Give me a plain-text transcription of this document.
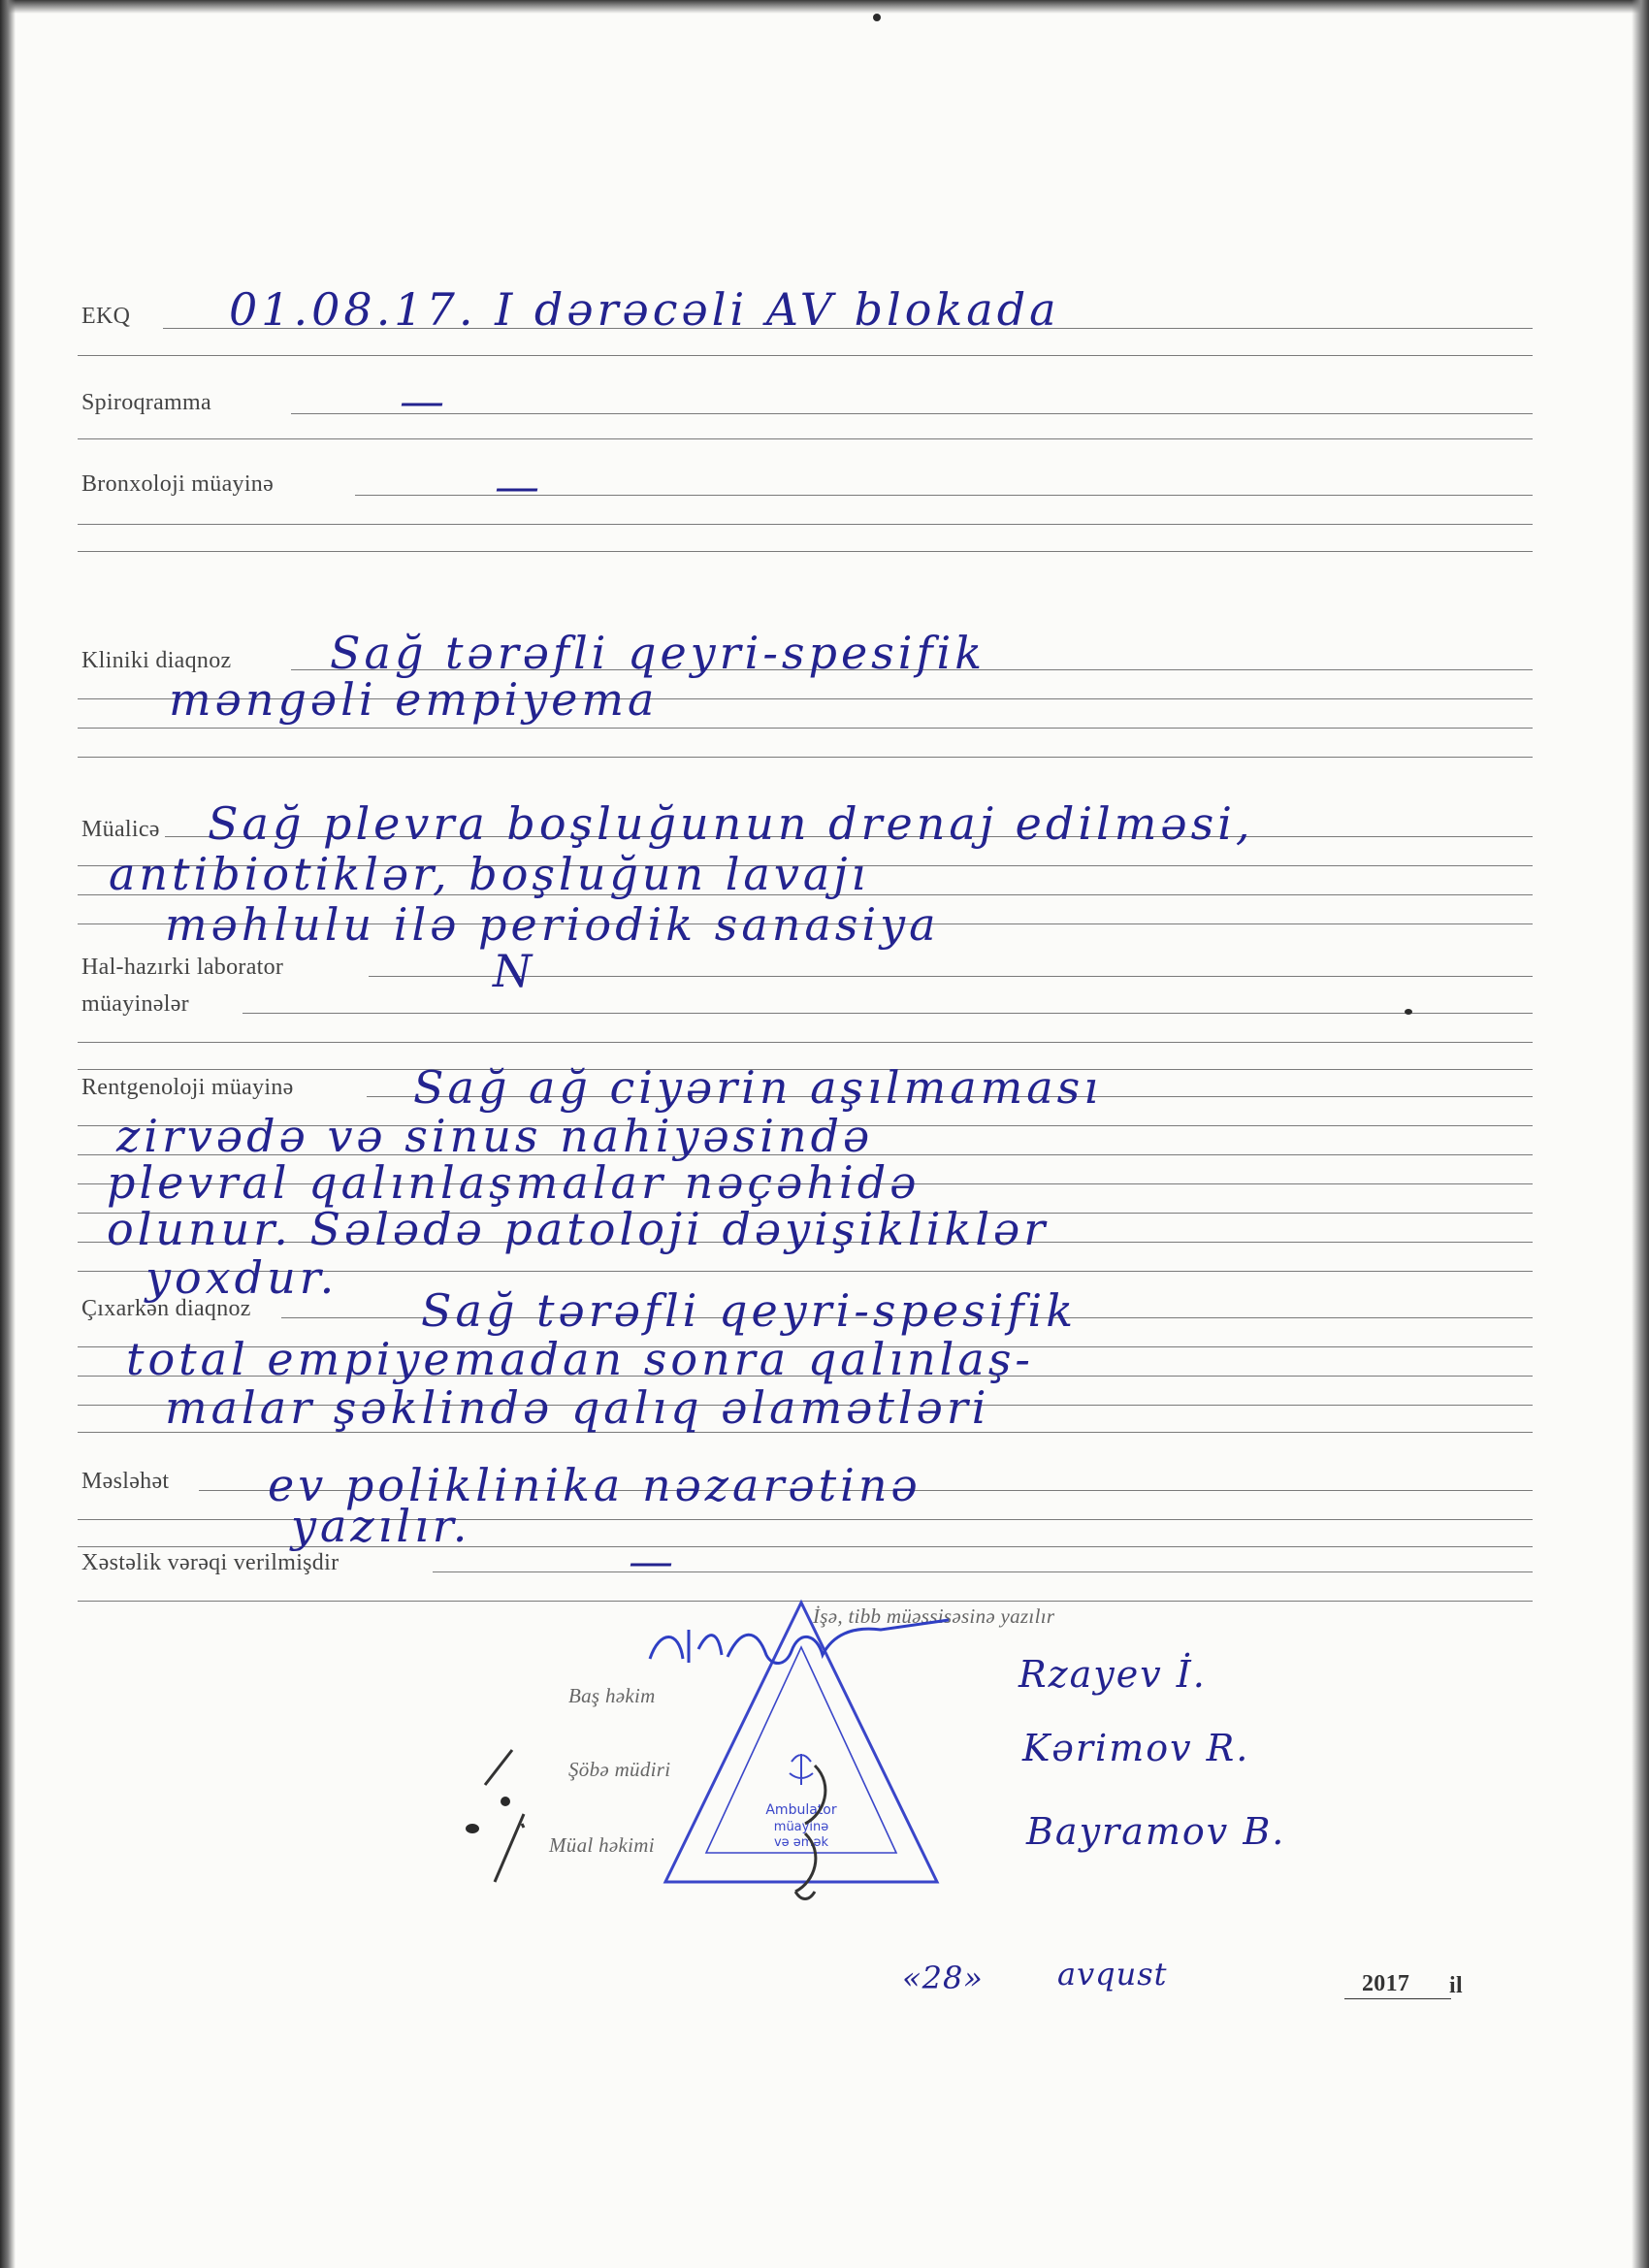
EKQ
Spiroqramma
Bronxoloji müayinə
Kliniki diaqnoz
Müalicə
Hal-hazırki laborator
müayinələr
Rentgenoloji müayinə
Çıxarkən diaqnoz
Məsləhət
Xəstəlik vərəqi verilmişdir
İşə, tibb müəssisəsinə yazılır
Baş həkim
Şöbə müdiri
Müal həkimi
01.08.17. I dərəcəli AV blokada
—
—
Sağ tərəfli qeyri-spesifik
məngəli empiyema
Sağ plevra boşluğunun drenaj edilməsi,
antibiotiklər, boşluğun lavajı
məhlulu ilə periodik sanasiya
N
Sağ ağ ciyərin aşılmaması
zirvədə və sinus nahiyəsində
plevral qalınlaşmalar nəçəhidə
olunur. Sələdə patoloji dəyişikliklər
yoxdur.
Sağ tərəfli qeyri-spesifik
total empiyemadan sonra qalınlaş-
malar şəklində qalıq əlamətləri
ev poliklinika nəzarətinə
yazılır.
—
Rzayev İ.
Kərimov R.
Bayramov B.
«28» avqust	2017 il
Ambulator
müayinə
və əmək
